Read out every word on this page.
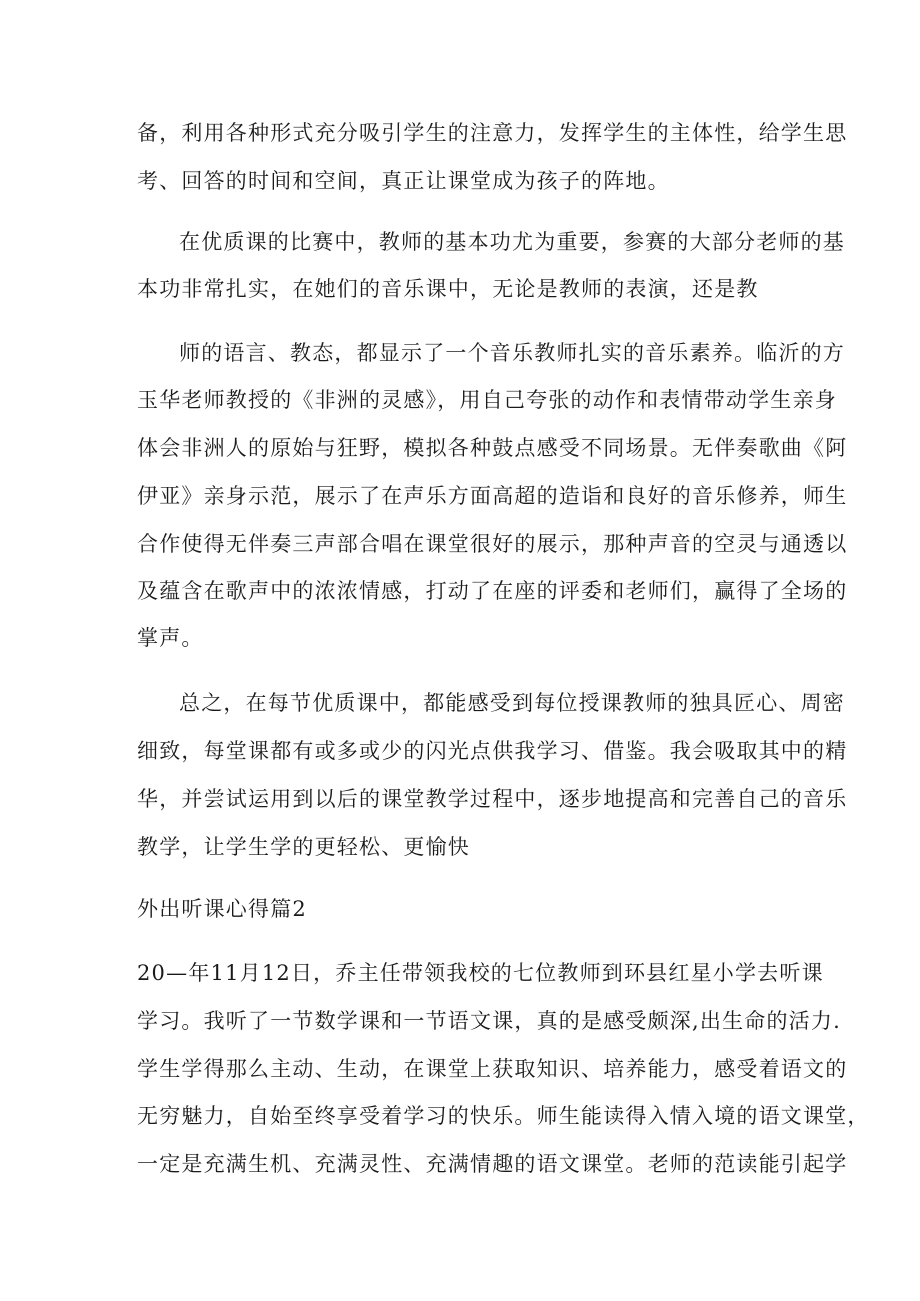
备，利用各种形式充分吸引学生的注意力，发挥学生的主体性，给学生思
考、回答的时间和空间，真正让课堂成为孩子的阵地。
在优质课的比赛中，教师的基本功尤为重要，参赛的大部分老师的基
本功非常扎实，在她们的音乐课中，无论是教师的表演，还是教
师的语言、教态，都显示了一个音乐教师扎实的音乐素养。临沂的方
玉华老师教授的《非洲的灵感》，用自己夸张的动作和表情带动学生亲身
体会非洲人的原始与狂野，模拟各种鼓点感受不同场景。无伴奏歌曲《阿
伊亚》亲身示范，展示了在声乐方面高超的造诣和良好的音乐修养，师生
合作使得无伴奏三声部合唱在课堂很好的展示，那种声音的空灵与通透以
及蕴含在歌声中的浓浓情感，打动了在座的评委和老师们，赢得了全场的
掌声。
总之，在每节优质课中，都能感受到每位授课教师的独具匠心、周密
细致，每堂课都有或多或少的闪光点供我学习、借鉴。我会吸取其中的精
华，并尝试运用到以后的课堂教学过程中，逐步地提高和完善自己的音乐
教学，让学生学的更轻松、更愉快
外出听课心得篇2
20—年11月12日，乔主任带领我校的七位教师到环县红星小学去听课
学习。我听了一节数学课和一节语文课，真的是感受颇深,出生命的活力.
学生学得那么主动、生动，在课堂上获取知识、培养能力，感受着语文的
无穷魅力，自始至终享受着学习的快乐。师生能读得入情入境的语文课堂，
一定是充满生机、充满灵性、充满情趣的语文课堂。老师的范读能引起学
